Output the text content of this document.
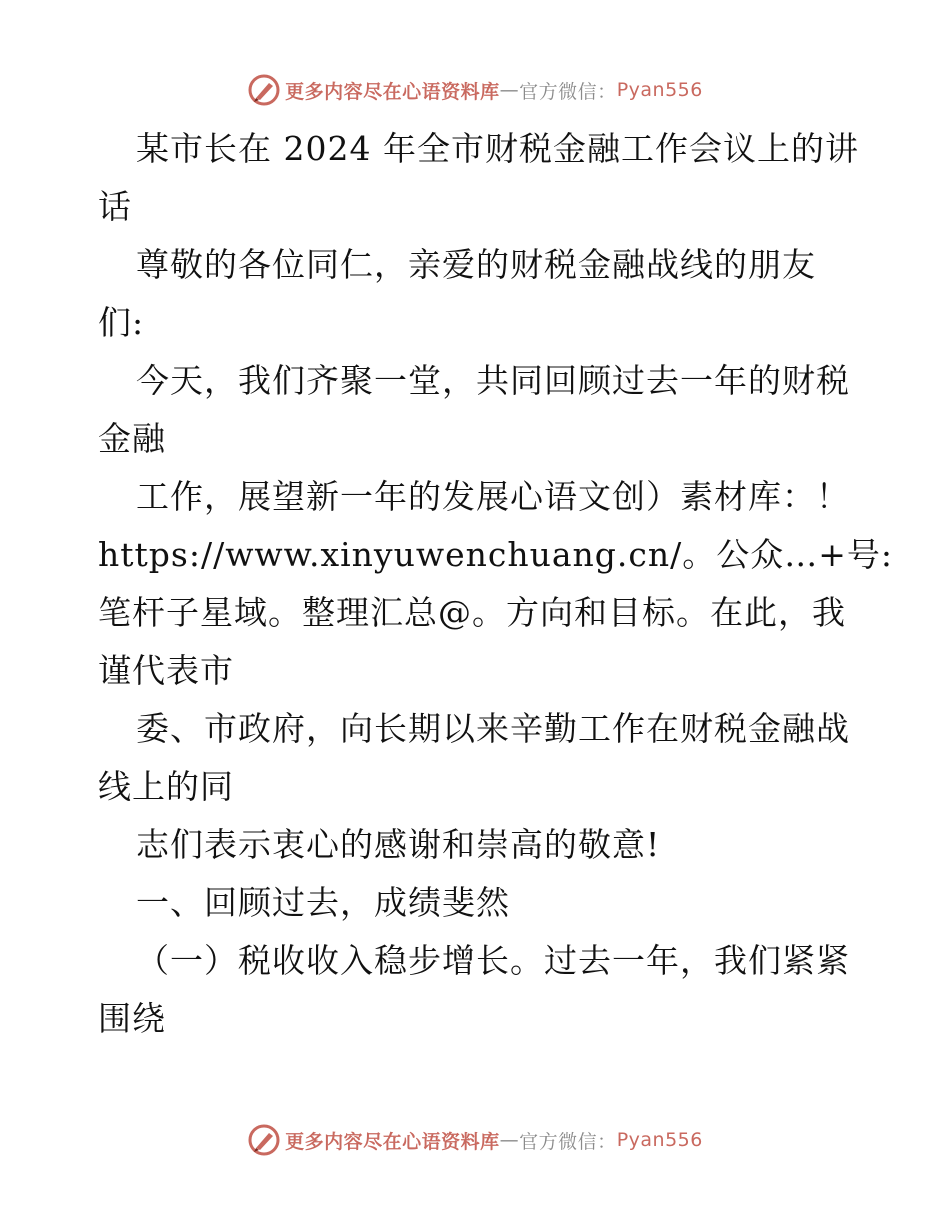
更多内容尽在心语资料库 — 官方微信： Pyan556
某市长在 2024 年全市财税金融工作会议上的讲
话
尊敬的各位同仁，亲爱的财税金融战线的朋友
们:
今天，我们齐聚一堂，共同回顾过去一年的财税
金融
工作，展望新一年的发展心语文创）素材库：！
https://www.xinyuwenchuang.cn/。公众…+号:
笔杆子星域。整理汇总@。方向和目标。在此，我
谨代表市
委、市政府，向长期以来辛勤工作在财税金融战
线上的同
志们表示衷心的感谢和崇高的敬意!
一、回顾过去，成绩斐然
（一）税收收入稳步增长。过去一年，我们紧紧
围绕
更多内容尽在心语资料库 — 官方微信： Pyan556
